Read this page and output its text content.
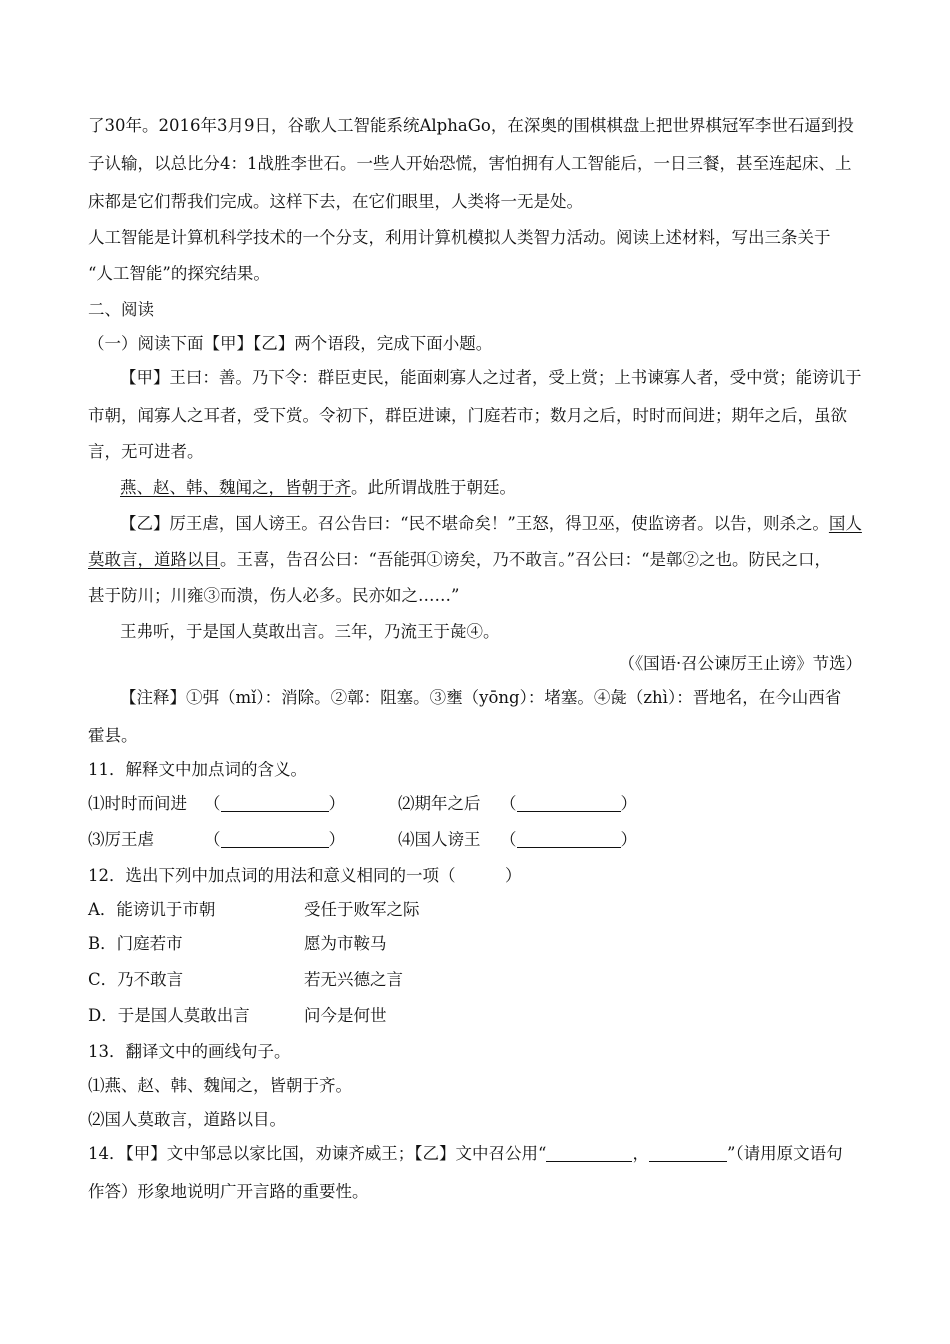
了30年。2016年3月9日，谷歌人工智能系统AlphaGo，在深奥的围棋棋盘上把世界棋冠军李世石逼到投

子认输，以总比分4：1战胜李世石。一些人开始恐慌，害怕拥有人工智能后，一日三餐，甚至连起床、上

床都是它们帮我们完成。这样下去，在它们眼里，人类将一无是处。

人工智能是计算机科学技术的一个分支，利用计算机模拟人类智力活动。阅读上述材料，写出三条关于

“人工智能”的探究结果。

二、阅读

（一）阅读下面【甲】【乙】两个语段，完成下面小题。

【甲】王曰：善。乃下令：群臣吏民，能面刺寡人之过者，受上赏；上书谏寡人者，受中赏；能谤讥于

市朝，闻寡人之耳者，受下赏。令初下，群臣进谏，门庭若市；数月之后，时时而间进；期年之后，虽欲

言，无可进者。

燕、赵、韩、魏闻之，皆朝于齐。此所谓战胜于朝廷。

【乙】厉王虐，国人谤王。召公告曰：“民不堪命矣！”王怒，得卫巫，使监谤者。以告，则杀之。国人

莫敢言，道路以目。王喜，告召公曰：“吾能弭①谤矣，乃不敢言。”召公曰：“是鄣②之也。防民之口，

甚于防川；川雍③而溃，伤人必多。民亦如之……”

王弗听，于是国人莫敢出言。三年，乃流王于彘④。

（《国语·召公谏厉王止谤》节选）

【注释】①弭（mǐ）：消除。②鄣：阻塞。③壅（yōng）：堵塞。④彘（zhì）：晋地名，在今山西省

霍县。

11．解释文中加点词的含义。

⑴时时而间进 （	）	⑵期年之后 （	）
⑶厉王虐	（	）	⑷国人谤王 （	）

12．选出下列中加点词的用法和意义相同的一项（　　　）

A．能谤讥于市朝	受任于败军之际
B．门庭若市	愿为市鞍马
C．乃不敢言	若无兴德之言
D．于是国人莫敢出言	问今是何世

13．翻译文中的画线句子。

⑴燕、赵、韩、魏闻之，皆朝于齐。

⑵国人莫敢言，道路以目。

14．【甲】文中邹忌以家比国，劝谏齐威王；【乙】文中召公用“	，	”（请用原文语句

作答）形象地说明广开言路的重要性。
